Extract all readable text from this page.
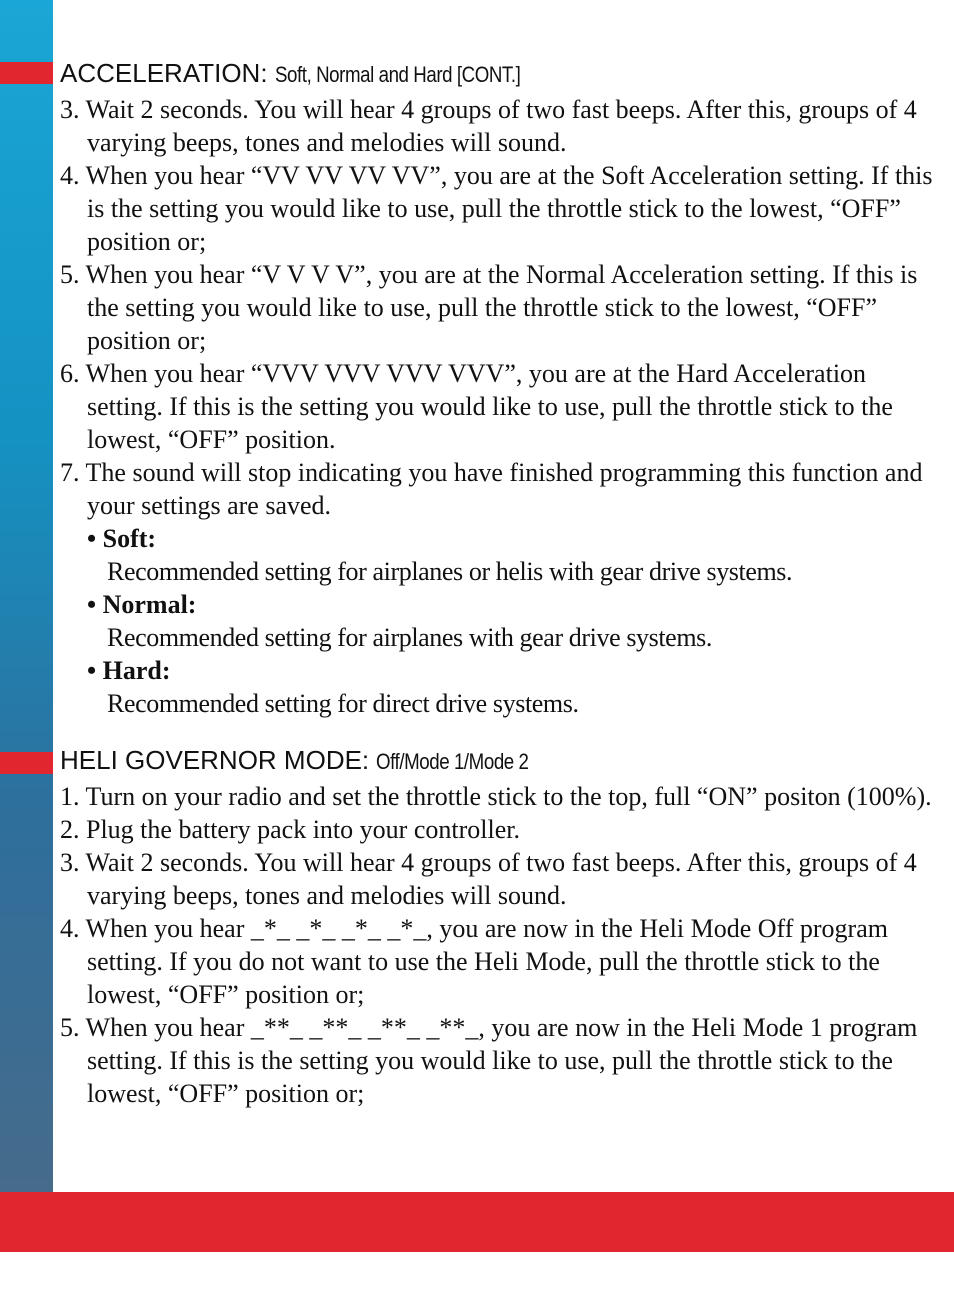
ACCELERATION: Soft, Normal and Hard [CONT.]

3. Wait 2 seconds. You will hear 4 groups of two fast beeps. After this, groups of 4 varying beeps, tones and melodies will sound.

4. When you hear “VV VV VV VV”, you are at the Soft Acceleration setting. If this is the setting you would like to use, pull the throttle stick to the lowest, “OFF” position or;

5. When you hear “V V V V”, you are at the Normal Acceleration setting. If this is the setting you would like to use, pull the throttle stick to the lowest, “OFF” position or;

6. When you hear “VVV VVV VVV VVV”, you are at the Hard Acceleration setting. If this is the setting you would like to use, pull the throttle stick to the lowest, “OFF” position.

7. The sound will stop indicating you have finished programming this function and your settings are saved.

• Soft:

Recommended setting for airplanes or helis with gear drive systems.

• Normal:

Recommended setting for airplanes with gear drive systems.

• Hard:

Recommended setting for direct drive systems.

HELI GOVERNOR MODE: Off/Mode 1/Mode 2

1. Turn on your radio and set the throttle stick to the top, full “ON” positon (100%).

2. Plug the battery pack into your controller.

3. Wait 2 seconds. You will hear 4 groups of two fast beeps. After this, groups of 4 varying beeps, tones and melodies will sound.

4. When you hear _*_ _*_ _*_ _*_, you are now in the Heli Mode Off program setting. If you do not want to use the Heli Mode, pull the throttle stick to the lowest, “OFF” position or;

5. When you hear _**_ _**_ _**_ _**_, you are now in the Heli Mode 1 program setting. If this is the setting you would like to use, pull the throttle stick to the lowest, “OFF” position or;
